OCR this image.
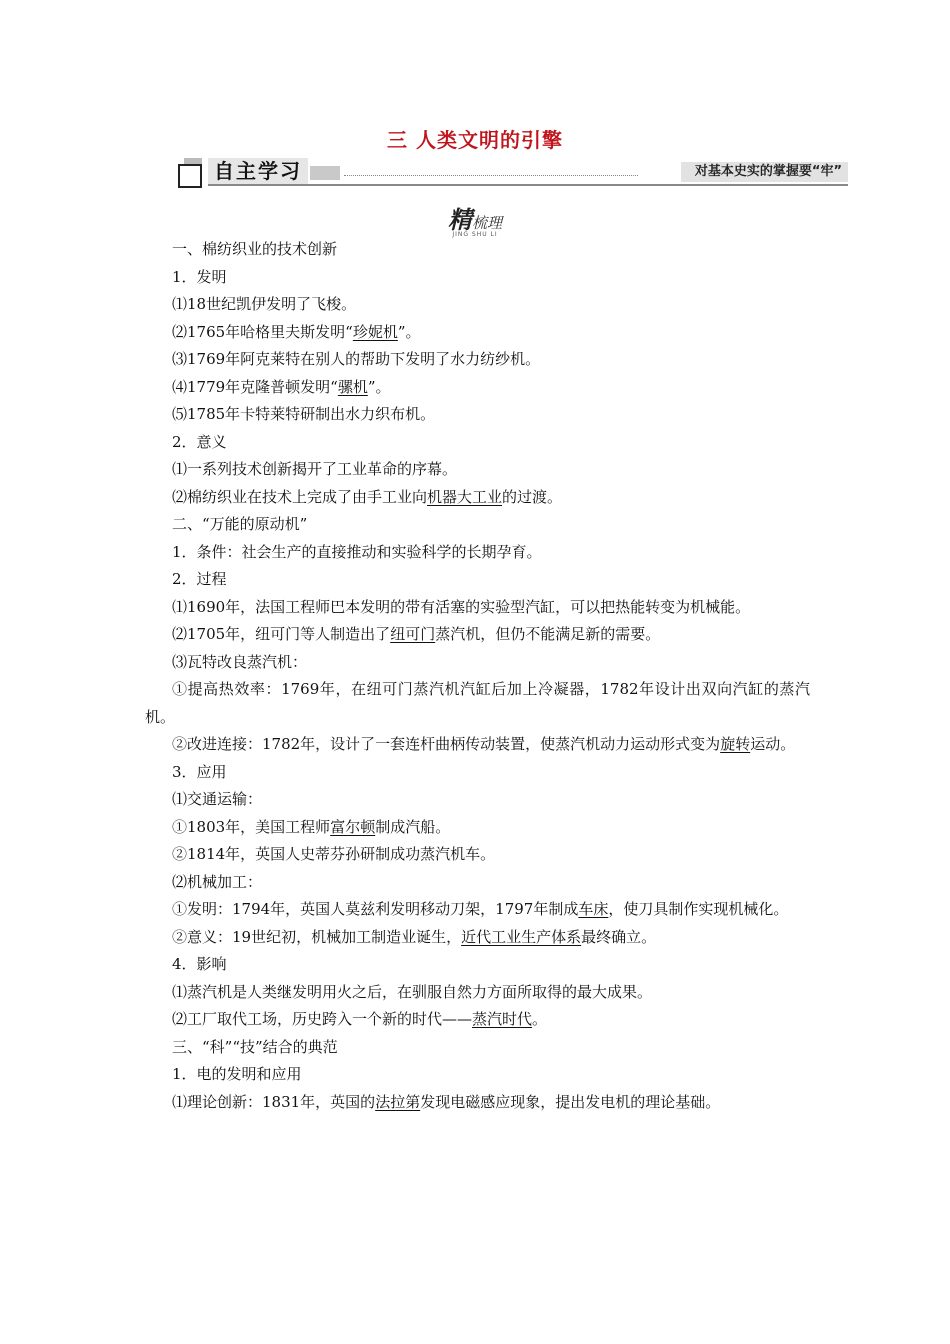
三 人类文明的引擎
自主学习	对基本史实的掌握要“牢”
精梳理
JING SHU LI

一、棉纺织业的技术创新

1．发明

⑴18世纪凯伊发明了飞梭。

⑵1765年哈格里夫斯发明“珍妮机”。

⑶1769年阿克莱特在别人的帮助下发明了水力纺纱机。

⑷1779年克隆普顿发明“骡机”。

⑸1785年卡特莱特研制出水力织布机。

2．意义

⑴一系列技术创新揭开了工业革命的序幕。

⑵棉纺织业在技术上完成了由手工业向机器大工业的过渡。

二、“万能的原动机”

1．条件：社会生产的直接推动和实验科学的长期孕育。

2．过程

⑴1690年，法国工程师巴本发明的带有活塞的实验型汽缸，可以把热能转变为机械能。

⑵1705年，纽可门等人制造出了纽可门蒸汽机，但仍不能满足新的需要。

⑶瓦特改良蒸汽机：

①提高热效率：1769年，在纽可门蒸汽机汽缸后加上冷凝器，1782年设计出双向汽缸的蒸汽机。

②改进连接：1782年，设计了一套连杆曲柄传动装置，使蒸汽机动力运动形式变为旋转运动。

3．应用

⑴交通运输：

①1803年，美国工程师富尔顿制成汽船。

②1814年，英国人史蒂芬孙研制成功蒸汽机车。

⑵机械加工：

①发明：1794年，英国人莫兹利发明移动刀架，1797年制成车床，使刀具制作实现机械化。

②意义：19世纪初，机械加工制造业诞生，近代工业生产体系最终确立。

4．影响

⑴蒸汽机是人类继发明用火之后，在驯服自然力方面所取得的最大成果。

⑵工厂取代工场，历史跨入一个新的时代——蒸汽时代。

三、“科”“技”结合的典范

1．电的发明和应用

⑴理论创新：1831年，英国的法拉第发现电磁感应现象，提出发电机的理论基础。
